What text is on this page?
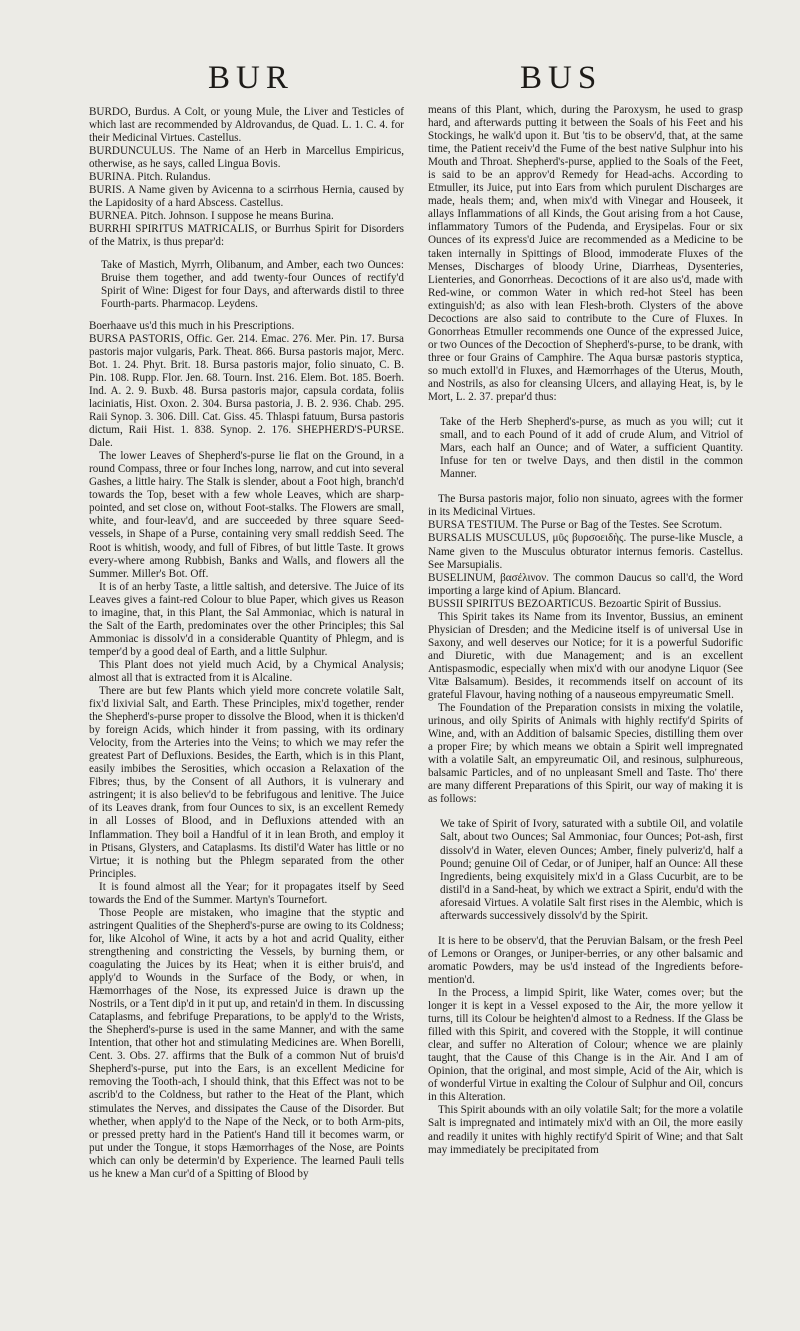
BUR	BUS

BURDO, Burdus. A Colt, or young Mule, the Liver and Testicles of which last are recommended by Aldrovandus, de Quad. L. 1. C. 4. for their Medicinal Virtues. Castellus.

BURDUNCULUS. The Name of an Herb in Marcellus Empiricus, otherwise, as he says, called Lingua Bovis.

BURINA. Pitch. Rulandus.

BURIS. A Name given by Avicenna to a scirrhous Hernia, caused by the Lapidosity of a hard Abscess. Castellus.

BURNEA. Pitch. Johnson. I suppose he means Burina.

BURRHI SPIRITUS MATRICALIS, or Burrhus Spirit for Disorders of the Matrix, is thus prepar'd:

Take of Mastich, Myrrh, Olibanum, and Amber, each two Ounces: Bruise them together, and add twenty-four Ounces of rectify'd Spirit of Wine: Digest for four Days, and afterwards distil to three Fourth-parts. Pharmacop. Leydens.

Boerhaave us'd this much in his Prescriptions.

BURSA PASTORIS, Offic. Ger. 214. Emac. 276. Mer. Pin. 17. Bursa pastoris major vulgaris, Park. Theat. 866. Bursa pastoris major, Merc. Bot. 1. 24. Phyt. Brit. 18. Bursa pastoris major, folio sinuato, C. B. Pin. 108. Rupp. Flor. Jen. 68. Tourn. Inst. 216. Elem. Bot. 185. Boerh. Ind. A. 2. 9. Buxb. 48. Bursa pastoris major, capsula cordata, foliis laciniatis, Hist. Oxon. 2. 304. Bursa pastoria, J. B. 2. 936. Chab. 295. Raii Synop. 3. 306. Dill. Cat. Giss. 45. Thlaspi fatuum, Bursa pastoris dictum, Raii Hist. 1. 838. Synop. 2. 176. SHEPHERD'S-PURSE. Dale.

The lower Leaves of Shepherd's-purse lie flat on the Ground, in a round Compass, three or four Inches long, narrow, and cut into several Gashes, a little hairy. The Stalk is slender, about a Foot high, branch'd towards the Top, beset with a few whole Leaves, which are sharp-pointed, and set close on, without Foot-stalks. The Flowers are small, white, and four-leav'd, and are succeeded by three square Seed-vessels, in Shape of a Purse, containing very small reddish Seed. The Root is whitish, woody, and full of Fibres, of but little Taste. It grows every-where among Rubbish, Banks and Walls, and flowers all the Summer. Miller's Bot. Off.

It is of an herby Taste, a little saltish, and detersive. The Juice of its Leaves gives a faint-red Colour to blue Paper, which gives us Reason to imagine, that, in this Plant, the Sal Ammoniac, which is natural in the Salt of the Earth, predominates over the other Principles; this Sal Ammoniac is dissolv'd in a considerable Quantity of Phlegm, and is temper'd by a good deal of Earth, and a little Sulphur.

This Plant does not yield much Acid, by a Chymical Analysis; almost all that is extracted from it is Alcaline.

There are but few Plants which yield more concrete volatile Salt, fix'd lixivial Salt, and Earth. These Principles, mix'd together, render the Shepherd's-purse proper to dissolve the Blood, when it is thicken'd by foreign Acids, which hinder it from passing, with its ordinary Velocity, from the Arteries into the Veins; to which we may refer the greatest Part of Defluxions. Besides, the Earth, which is in this Plant, easily imbibes the Serosities, which occasion a Relaxation of the Fibres; thus, by the Consent of all Authors, it is vulnerary and astringent; it is also believ'd to be febrifugous and lenitive. The Juice of its Leaves drank, from four Ounces to six, is an excellent Remedy in all Losses of Blood, and in Defluxions attended with an Inflammation. They boil a Handful of it in lean Broth, and employ it in Ptisans, Glysters, and Cataplasms. Its distil'd Water has little or no Virtue; it is nothing but the Phlegm separated from the other Principles.

It is found almost all the Year; for it propagates itself by Seed towards the End of the Summer. Martyn's Tournefort.

Those People are mistaken, who imagine that the styptic and astringent Qualities of the Shepherd's-purse are owing to its Coldness; for, like Alcohol of Wine, it acts by a hot and acrid Quality, either strengthening and constricting the Vessels, by burning them, or coagulating the Juices by its Heat; when it is either bruis'd, and apply'd to Wounds in the Surface of the Body, or when, in Hæmorrhages of the Nose, its expressed Juice is drawn up the Nostrils, or a Tent dip'd in it put up, and retain'd in them. In discussing Cataplasms, and febrifuge Preparations, to be apply'd to the Wrists, the Shepherd's-purse is used in the same Manner, and with the same Intention, that other hot and stimulating Medicines are. When Borelli, Cent. 3. Obs. 27. affirms that the Bulk of a common Nut of bruis'd Shepherd's-purse, put into the Ears, is an excellent Medicine for removing the Tooth-ach, I should think, that this Effect was not to be ascrib'd to the Coldness, but rather to the Heat of the Plant, which stimulates the Nerves, and dissipates the Cause of the Disorder. But whether, when apply'd to the Nape of the Neck, or to both Arm-pits, or pressed pretty hard in the Patient's Hand till it becomes warm, or put under the Tongue, it stops Hæmorrhages of the Nose, are Points which can only be determin'd by Experience. The learned Pauli tells us he knew a Man cur'd of a Spitting of Blood by

means of this Plant, which, during the Paroxysm, he used to grasp hard, and afterwards putting it between the Soals of his Feet and his Stockings, he walk'd upon it. But 'tis to be observ'd, that, at the same time, the Patient receiv'd the Fume of the best native Sulphur into his Mouth and Throat. Shepherd's-purse, applied to the Soals of the Feet, is said to be an approv'd Remedy for Head-achs. According to Etmuller, its Juice, put into Ears from which purulent Discharges are made, heals them; and, when mix'd with Vinegar and Houseek, it allays Inflammations of all Kinds, the Gout arising from a hot Cause, inflammatory Tumors of the Pudenda, and Erysipelas. Four or six Ounces of its express'd Juice are recommended as a Medicine to be taken internally in Spittings of Blood, immoderate Fluxes of the Menses, Discharges of bloody Urine, Diarrheas, Dysenteries, Lienteries, and Gonorrheas. Decoctions of it are also us'd, made with Red-wine, or common Water in which red-hot Steel has been extinguish'd; as also with lean Flesh-broth. Clysters of the above Decoctions are also said to contribute to the Cure of Fluxes. In Gonorrheas Etmuller recommends one Ounce of the expressed Juice, or two Ounces of the Decoction of Shepherd's-purse, to be drank, with three or four Grains of Camphire. The Aqua bursæ pastoris styptica, so much extoll'd in Fluxes, and Hæmorrhages of the Uterus, Mouth, and Nostrils, as also for cleansing Ulcers, and allaying Heat, is, by le Mort, L. 2. 37. prepar'd thus:

Take of the Herb Shepherd's-purse, as much as you will; cut it small, and to each Pound of it add of crude Alum, and Vitriol of Mars, each half an Ounce; and of Water, a sufficient Quantity. Infuse for ten or twelve Days, and then distil in the common Manner.

The Bursa pastoris major, folio non sinuato, agrees with the former in its Medicinal Virtues.

BURSA TESTIUM. The Purse or Bag of the Testes. See Scrotum.

BURSALIS MUSCULUS, μῦς βυρσοειδὴς. The purse-like Muscle, a Name given to the Musculus obturator internus femoris. Castellus. See Marsupialis.

BUSELINUM, βασέλινον. The common Daucus so call'd, the Word importing a large kind of Apium. Blancard.

BUSSII SPIRITUS BEZOARTICUS. Bezoartic Spirit of Bussius.

This Spirit takes its Name from its Inventor, Bussius, an eminent Physician of Dresden; and the Medicine itself is of universal Use in Saxony, and well deserves our Notice; for it is a powerful Sudorific and Diuretic, with due Management; and is an excellent Antispasmodic, especially when mix'd with our anodyne Liquor (See Vitæ Balsamum). Besides, it recommends itself on account of its grateful Flavour, having nothing of a nauseous empyreumatic Smell.

The Foundation of the Preparation consists in mixing the volatile, urinous, and oily Spirits of Animals with highly rectify'd Spirits of Wine, and, with an Addition of balsamic Species, distilling them over a proper Fire; by which means we obtain a Spirit well impregnated with a volatile Salt, an empyreumatic Oil, and resinous, sulphureous, balsamic Particles, and of no unpleasant Smell and Taste. Tho' there are many different Preparations of this Spirit, our way of making it is as follows:

We take of Spirit of Ivory, saturated with a subtile Oil, and volatile Salt, about two Ounces; Sal Ammoniac, four Ounces; Pot-ash, first dissolv'd in Water, eleven Ounces; Amber, finely pulveriz'd, half a Pound; genuine Oil of Cedar, or of Juniper, half an Ounce: All these Ingredients, being exquisitely mix'd in a Glass Cucurbit, are to be distil'd in a Sand-heat, by which we extract a Spirit, endu'd with the aforesaid Virtues. A volatile Salt first rises in the Alembic, which is afterwards successively dissolv'd by the Spirit.

It is here to be observ'd, that the Peruvian Balsam, or the fresh Peel of Lemons or Oranges, or Juniper-berries, or any other balsamic and aromatic Powders, may be us'd instead of the Ingredients before-mention'd.

In the Process, a limpid Spirit, like Water, comes over; but the longer it is kept in a Vessel exposed to the Air, the more yellow it turns, till its Colour be heighten'd almost to a Redness. If the Glass be filled with this Spirit, and covered with the Stopple, it will continue clear, and suffer no Alteration of Colour; whence we are plainly taught, that the Cause of this Change is in the Air. And I am of Opinion, that the original, and most simple, Acid of the Air, which is of wonderful Virtue in exalting the Colour of Sulphur and Oil, concurs in this Alteration.

This Spirit abounds with an oily volatile Salt; for the more a volatile Salt is impregnated and intimately mix'd with an Oil, the more easily and readily it unites with highly rectify'd Spirit of Wine; and that Salt may immediately be precipitated from
